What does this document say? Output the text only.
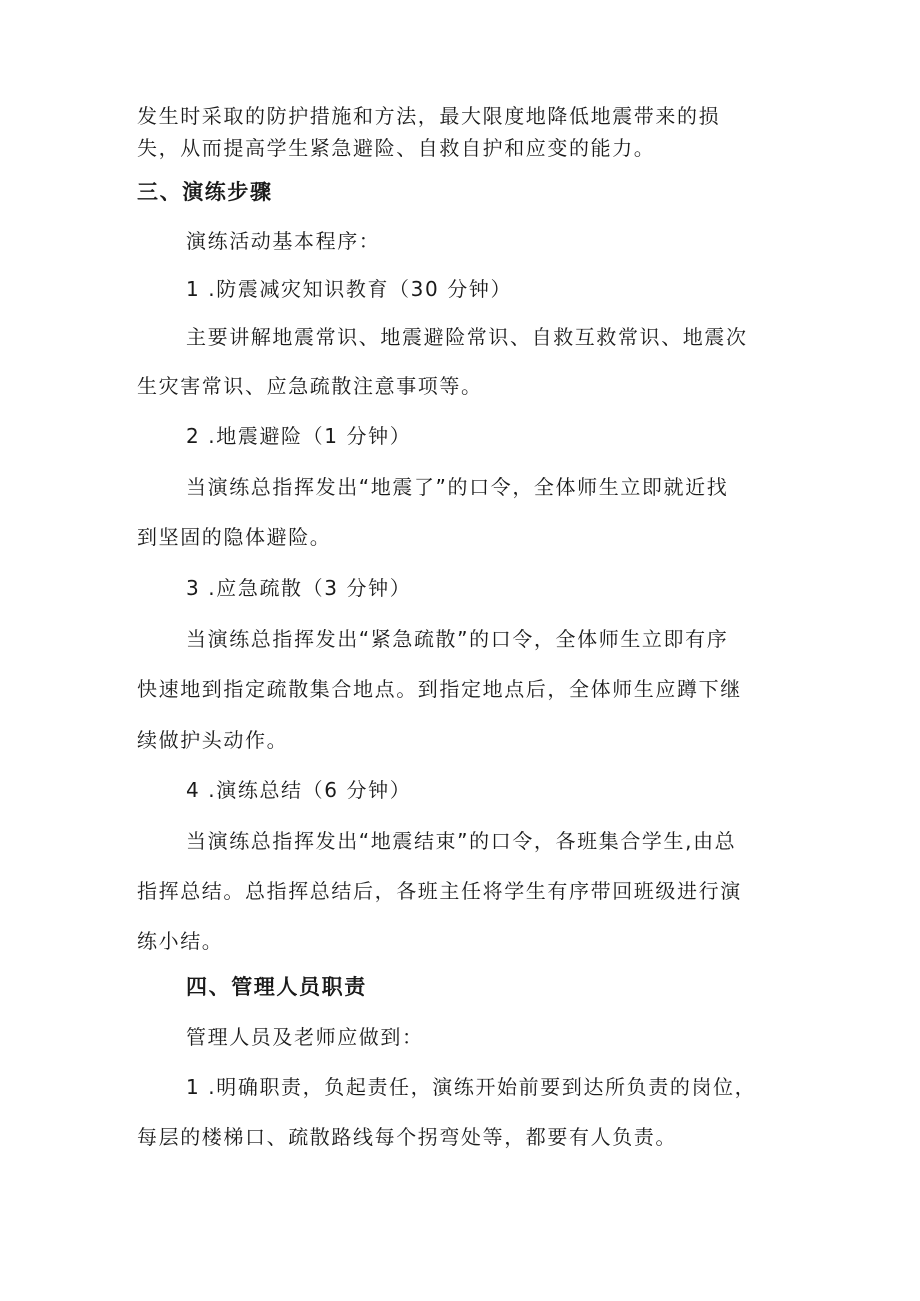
发生时采取的防护措施和方法，最大限度地降低地震带来的损
失，从而提高学生紧急避险、自救自护和应变的能力。
三、演练步骤
演练活动基本程序：
1 .防震减灾知识教育（30 分钟）
主要讲解地震常识、地震避险常识、自救互救常识、地震次
生灾害常识、应急疏散注意事项等。
2 .地震避险（1 分钟）
当演练总指挥发出“地震了”的口令，全体师生立即就近找
到坚固的隐体避险。
3 .应急疏散（3 分钟）
当演练总指挥发出“紧急疏散”的口令，全体师生立即有序
快速地到指定疏散集合地点。到指定地点后，全体师生应蹲下继
续做护头动作。
4 .演练总结（6 分钟）
当演练总指挥发出“地震结束”的口令，各班集合学生,由总
指挥总结。总指挥总结后，各班主任将学生有序带回班级进行演
练小结。
四、管理人员职责
管理人员及老师应做到：
1 .明确职责，负起责任，演练开始前要到达所负责的岗位，
每层的楼梯口、疏散路线每个拐弯处等，都要有人负责。
